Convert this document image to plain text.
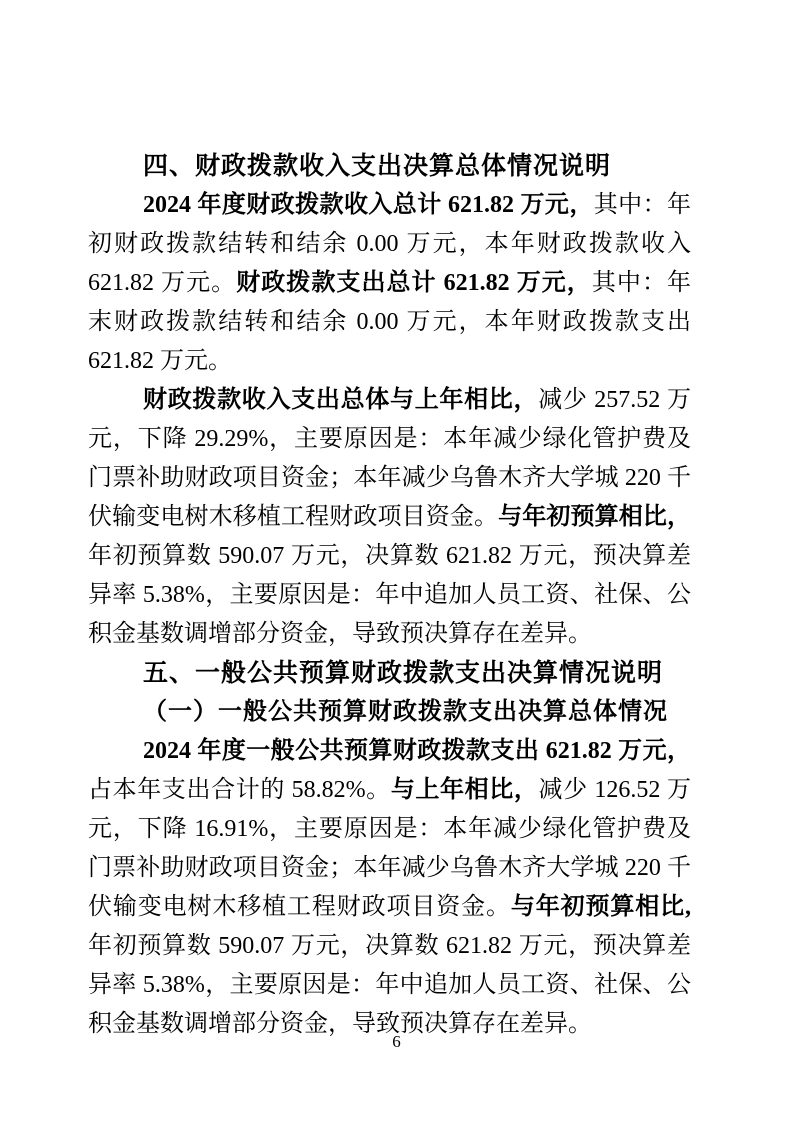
四、财政拨款收入支出决算总体情况说明

2024 年度财政拨款收入总计 621.82 万元，其中：年初财政拨款结转和结余 0.00 万元，本年财政拨款收入 621.82 万元。财政拨款支出总计 621.82 万元，其中：年末财政拨款结转和结余 0.00 万元，本年财政拨款支出 621.82 万元。

财政拨款收入支出总体与上年相比，减少 257.52 万元，下降 29.29%，主要原因是：本年减少绿化管护费及门票补助财政项目资金；本年减少乌鲁木齐大学城 220 千伏输变电树木移植工程财政项目资金。与年初预算相比，年初预算数 590.07 万元，决算数 621.82 万元，预决算差异率 5.38%，主要原因是：年中追加人员工资、社保、公积金基数调增部分资金，导致预决算存在差异。

五、一般公共预算财政拨款支出决算情况说明

（一）一般公共预算财政拨款支出决算总体情况

2024 年度一般公共预算财政拨款支出 621.82 万元，占本年支出合计的 58.82%。与上年相比，减少 126.52 万元，下降 16.91%，主要原因是：本年减少绿化管护费及门票补助财政项目资金；本年减少乌鲁木齐大学城 220 千伏输变电树木移植工程财政项目资金。与年初预算相比,年初预算数 590.07 万元，决算数 621.82 万元，预决算差异率 5.38%，主要原因是：年中追加人员工资、社保、公积金基数调增部分资金，导致预决算存在差异。

6
